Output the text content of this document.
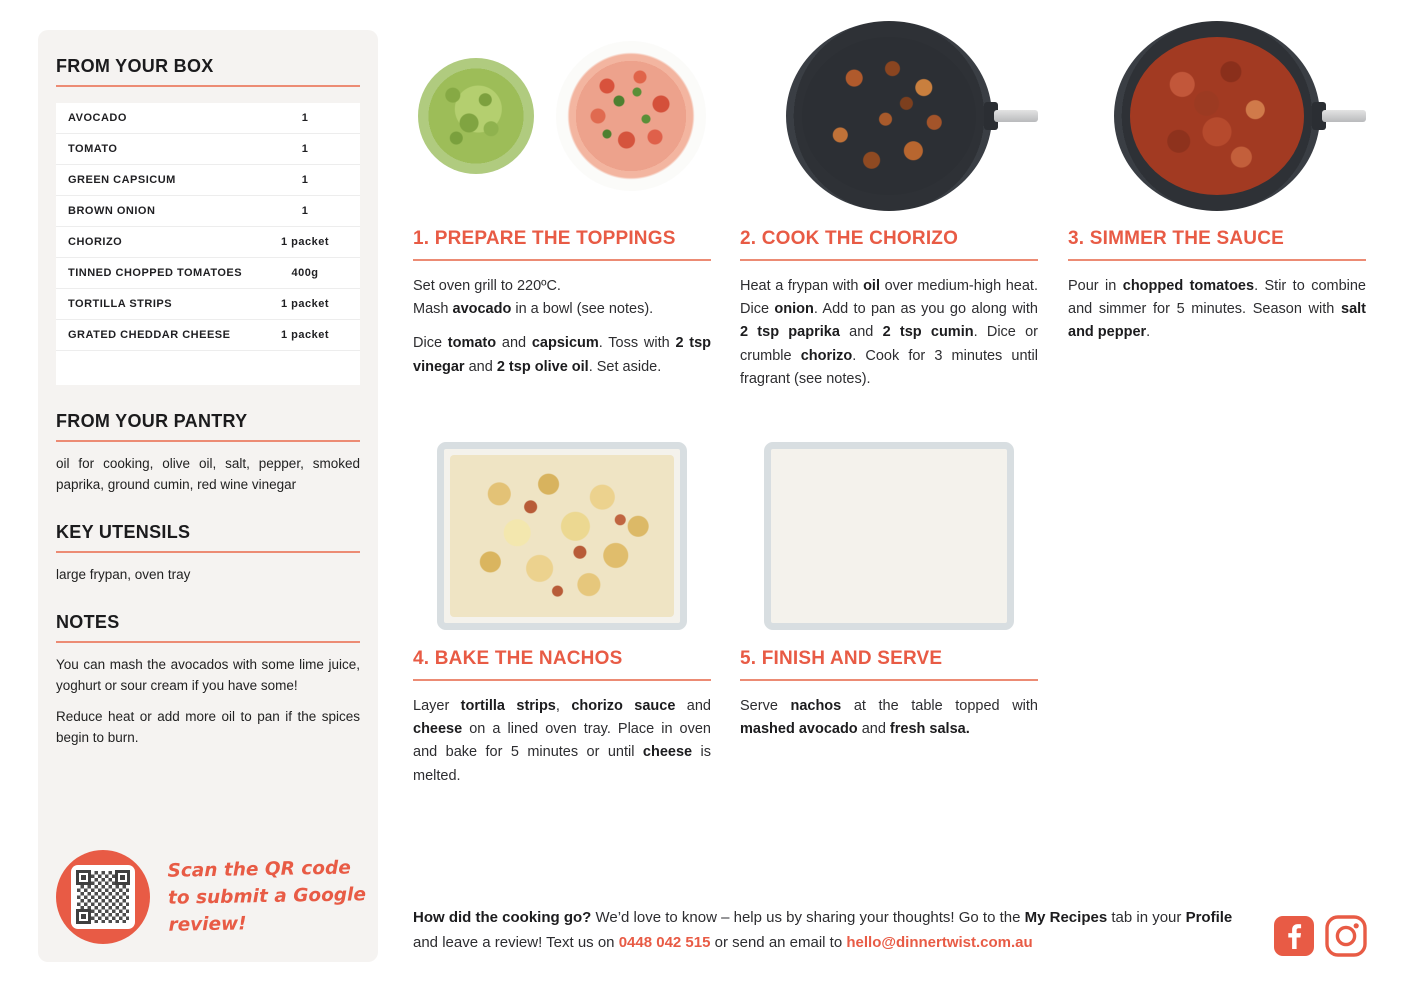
FROM YOUR BOX
AVOCADO	1
TOMATO	1
GREEN CAPSICUM	1
BROWN ONION	1
CHORIZO	1 packet
TINNED CHOPPED TOMATOES	400g
TORTILLA STRIPS	1 packet
GRATED CHEDDAR CHEESE	1 packet
FROM YOUR PANTRY

oil for cooking, olive oil, salt, pepper, smoked paprika, ground cumin, red wine vinegar

KEY UTENSILS

large frypan, oven tray

NOTES

You can mash the avocados with some lime juice, yoghurt or sour cream if you have some!

Reduce heat or add more oil to pan if the spices begin to burn.

Scan the QR code to submit a Google review!
1. PREPARE THE TOPPINGS

Set oven grill to 220ºC.
Mash avocado in a bowl (see notes).

Dice tomato and capsicum. Toss with 2 tsp vinegar and 2 tsp olive oil. Set aside.

2. COOK THE CHORIZO

Heat a frypan with oil over medium-high heat. Dice onion. Add to pan as you go along with 2 tsp paprika and 2 tsp cumin. Dice or crumble chorizo. Cook for 3 minutes until fragrant (see notes).

3. SIMMER THE SAUCE

Pour in chopped tomatoes. Stir to combine and simmer for 5 minutes. Season with salt and pepper.

4. BAKE THE NACHOS

Layer tortilla strips, chorizo sauce and cheese on a lined oven tray. Place in oven and bake for 5 minutes or until cheese is melted.

5. FINISH AND SERVE

Serve nachos at the table topped with mashed avocado and fresh salsa.

How did the cooking go? We’d love to know – help us by sharing your thoughts! Go to the My Recipes tab in your Profile and leave a review! Text us on 0448 042 515 or send an email to hello@dinnertwist.com.au
